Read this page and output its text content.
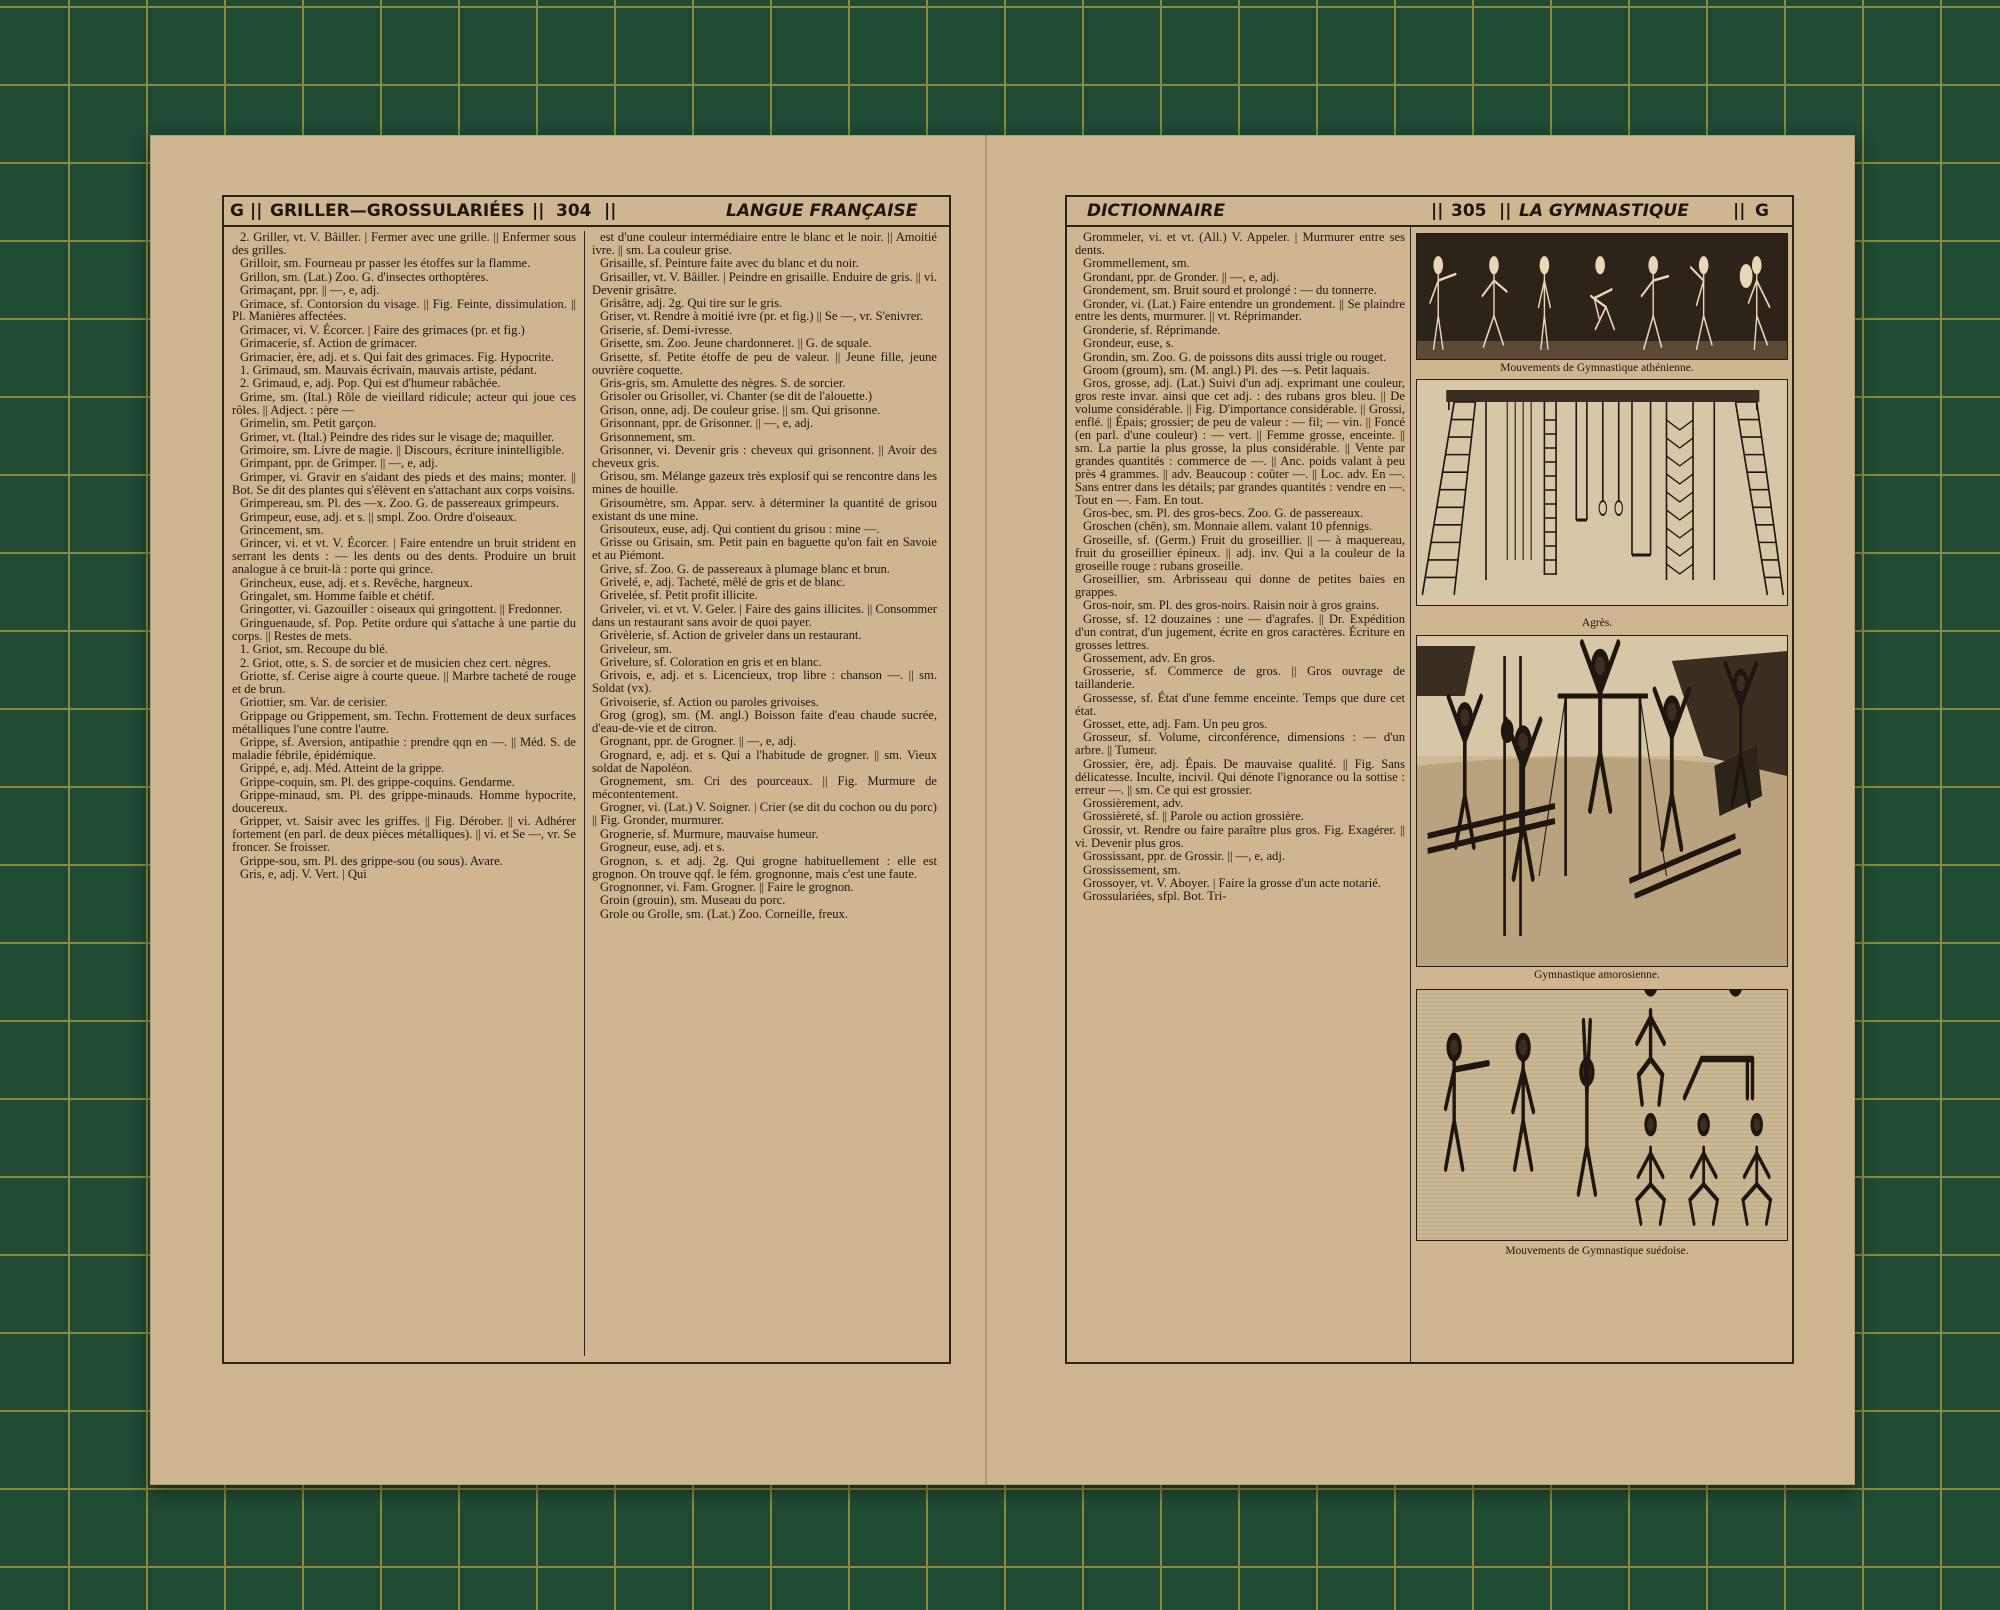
G || GRILLER—GROSSULARIÉES || 304 ||	LANGUE FRANÇAISE

2. Griller, vt. V. Bâiller. | Fermer avec une grille. || Enfermer sous des grilles.

Grilloir, sm. Fourneau pr passer les étoffes sur la flamme.

Grillon, sm. (Lat.) Zoo. G. d'insectes orthoptères.

Grimaçant, ppr. || —, e, adj.

Grimace, sf. Contorsion du visage. || Fig. Feinte, dissimulation. || Pl. Manières affectées.

Grimacer, vi. V. Écorcer. | Faire des grimaces (pr. et fig.)

Grimacerie, sf. Action de grimacer.

Grimacier, ère, adj. et s. Qui fait des grimaces. Fig. Hypocrite.

1. Grimaud, sm. Mauvais écrivain, mauvais artiste, pédant.

2. Grimaud, e, adj. Pop. Qui est d'humeur rabâchée.

Grime, sm. (Ital.) Rôle de vieillard ridicule; acteur qui joue ces rôles. || Adject. : père —

Grimelin, sm. Petit garçon.

Grimer, vt. (Ital.) Peindre des rides sur le visage de; maquiller.

Grimoire, sm. Livre de magie. || Discours, écriture inintelligible.

Grimpant, ppr. de Grimper. || —, e, adj.

Grimper, vi. Gravir en s'aidant des pieds et des mains; monter. || Bot. Se dit des plantes qui s'élèvent en s'attachant aux corps voisins.

Grimpereau, sm. Pl. des —x. Zoo. G. de passereaux grimpeurs.

Grimpeur, euse, adj. et s. || smpl. Zoo. Ordre d'oiseaux.

Grincement, sm.

Grincer, vi. et vt. V. Écorcer. | Faire entendre un bruit strident en serrant les dents : — les dents ou des dents. Produire un bruit analogue à ce bruit-là : porte qui grince.

Grincheux, euse, adj. et s. Revêche, hargneux.

Gringalet, sm. Homme faible et chétif.

Gringotter, vi. Gazouiller : oiseaux qui gringottent. || Fredonner.

Gringuenaude, sf. Pop. Petite ordure qui s'attache à une partie du corps. || Restes de mets.

1. Griot, sm. Recoupe du blé.

2. Griot, otte, s. S. de sorcier et de musicien chez cert. nègres.

Griotte, sf. Cerise aigre à courte queue. || Marbre tacheté de rouge et de brun.

Griottier, sm. Var. de cerisier.

Grippage ou Grippement, sm. Techn. Frottement de deux surfaces métalliques l'une contre l'autre.

Grippe, sf. Aversion, antipathie : prendre qqn en —. || Méd. S. de maladie fébrile, épidémique.

Grippé, e, adj. Méd. Atteint de la grippe.

Grippe-coquin, sm. Pl. des grippe-coquins. Gendarme.

Grippe-minaud, sm. Pl. des grippe-minauds. Homme hypocrite, doucereux.

Gripper, vt. Saisir avec les griffes. || Fig. Dérober. || vi. Adhérer fortement (en parl. de deux pièces métalliques). || vi. et Se —, vr. Se froncer. Se froisser.

Grippe-sou, sm. Pl. des grippe-sou (ou sous). Avare.

Gris, e, adj. V. Vert. | Qui

est d'une couleur intermédiaire entre le blanc et le noir. || Amoitié ivre. || sm. La couleur grise.

Grisaille, sf. Peinture faite avec du blanc et du noir.

Grisailler, vt. V. Bâiller. | Peindre en grisaille. Enduire de gris. || vi. Devenir grisâtre.

Grisâtre, adj. 2g. Qui tire sur le gris.

Griser, vt. Rendre à moitié ivre (pr. et fig.) || Se —, vr. S'enivrer.

Griserie, sf. Demi-ivresse.

Grisette, sm. Zoo. Jeune chardonneret. || G. de squale.

Grisette, sf. Petite étoffe de peu de valeur. || Jeune fille, jeune ouvrière coquette.

Gris-gris, sm. Amulette des nègres. S. de sorcier.

Grisoler ou Grisoller, vi. Chanter (se dit de l'alouette.)

Grison, onne, adj. De couleur grise. || sm. Qui grisonne.

Grisonnant, ppr. de Grisonner. || —, e, adj.

Grisonnement, sm.

Grisonner, vi. Devenir gris : cheveux qui grisonnent. || Avoir des cheveux gris.

Grisou, sm. Mélange gazeux très explosif qui se rencontre dans les mines de houille.

Grisoumètre, sm. Appar. serv. à déterminer la quantité de grisou existant ds une mine.

Grisouteux, euse, adj. Qui contient du grisou : mine —.

Grisse ou Grisain, sm. Petit pain en baguette qu'on fait en Savoie et au Piémont.

Grive, sf. Zoo. G. de passereaux à plumage blanc et brun.

Grivelé, e, adj. Tacheté, mêlé de gris et de blanc.

Grivelée, sf. Petit profit illicite.

Griveler, vi. et vt. V. Geler. | Faire des gains illicites. || Consommer dans un restaurant sans avoir de quoi payer.

Grivèlerie, sf. Action de griveler dans un restaurant.

Griveleur, sm.

Grivelure, sf. Coloration en gris et en blanc.

Grivois, e, adj. et s. Licencieux, trop libre : chanson —. || sm. Soldat (vx).

Grivoiserie, sf. Action ou paroles grivoises.

Grog (grog), sm. (M. angl.) Boisson faite d'eau chaude sucrée, d'eau-de-vie et de citron.

Grognant, ppr. de Grogner. || —, e, adj.

Grognard, e, adj. et s. Qui a l'habitude de grogner. || sm. Vieux soldat de Napoléon.

Grognement, sm. Cri des pourceaux. || Fig. Murmure de mécontentement.

Grogner, vi. (Lat.) V. Soigner. | Crier (se dit du cochon ou du porc) || Fig. Gronder, murmurer.

Grognerie, sf. Murmure, mauvaise humeur.

Grogneur, euse, adj. et s.

Grognon, s. et adj. 2g. Qui grogne habituellement : elle est grognon. On trouve qqf. le fém. grognonne, mais c'est une faute.

Grognonner, vi. Fam. Grogner. || Faire le grognon.

Groin (grouin), sm. Museau du porc.

Grole ou Grolle, sm. (Lat.) Zoo. Corneille, freux.

DICTIONNAIRE	|| 305 || LA GYMNASTIQUE	|| G
Mouvements de Gymnastique athénienne.
Agrès.
Gymnastique amorosienne.
Mouvements de Gymnastique suédoise.

Grommeler, vi. et vt. (All.) V. Appeler. | Murmurer entre ses dents.

Grommellement, sm.

Grondant, ppr. de Gronder. || —, e, adj.

Grondement, sm. Bruit sourd et prolongé : — du tonnerre.

Gronder, vi. (Lat.) Faire entendre un grondement. || Se plaindre entre les dents, murmurer. || vt. Réprimander.

Gronderie, sf. Réprimande.

Grondeur, euse, s.

Grondin, sm. Zoo. G. de poissons dits aussi trigle ou rouget.

Groom (groum), sm. (M. angl.) Pl. des —s. Petit laquais.

Gros, grosse, adj. (Lat.) Suivi d'un adj. exprimant une couleur, gros reste invar. ainsi que cet adj. : des rubans gros bleu. || De volume considérable. || Fig. D'importance considérable. || Grossi, enflé. || Épais; grossier; de peu de valeur : — fil; — vin. || Foncé (en parl. d'une couleur) : — vert. || Femme grosse, enceinte. || sm. La partie la plus grosse, la plus considérable. || Vente par grandes quantités : commerce de —. || Anc. poids valant à peu près 4 grammes. || adv. Beaucoup : coûter —. || Loc. adv. En —. Sans entrer dans les détails; par grandes quantités : vendre en —. Tout en —. Fam. En tout.

Gros-bec, sm. Pl. des gros-becs. Zoo. G. de passereaux.

Groschen (chên), sm. Monnaie allem. valant 10 pfennigs.

Groseille, sf. (Germ.) Fruit du groseillier. || — à maquereau, fruit du groseillier épineux. || adj. inv. Qui a la couleur de la groseille rouge : rubans groseille.

Groseillier, sm. Arbrisseau qui donne de petites baies en grappes.

Gros-noir, sm. Pl. des gros-noirs. Raisin noir à gros grains.

Grosse, sf. 12 douzaines : une — d'agrafes. || Dr. Expédition d'un contrat, d'un jugement, écrite en gros caractères. Écriture en grosses lettres.

Grossement, adv. En gros.

Grosserie, sf. Commerce de gros. || Gros ouvrage de taillanderie.

Grossesse, sf. État d'une femme enceinte. Temps que dure cet état.

Grosset, ette, adj. Fam. Un peu gros.

Grosseur, sf. Volume, circonférence, dimensions : — d'un arbre. || Tumeur.

Grossier, ère, adj. Épais. De mauvaise qualité. || Fig. Sans délicatesse. Inculte, incivil. Qui dénote l'ignorance ou la sottise : erreur —. || sm. Ce qui est grossier.

Grossièrement, adv.

Grossièreté, sf. || Parole ou action grossière.

Grossir, vt. Rendre ou faire paraître plus gros. Fig. Exagérer. || vi. Devenir plus gros.

Grossissant, ppr. de Grossir. || —, e, adj.

Grossissement, sm.

Grossoyer, vt. V. Aboyer. | Faire la grosse d'un acte notarié.

Grossulariées, sfpl. Bot. Tri-
